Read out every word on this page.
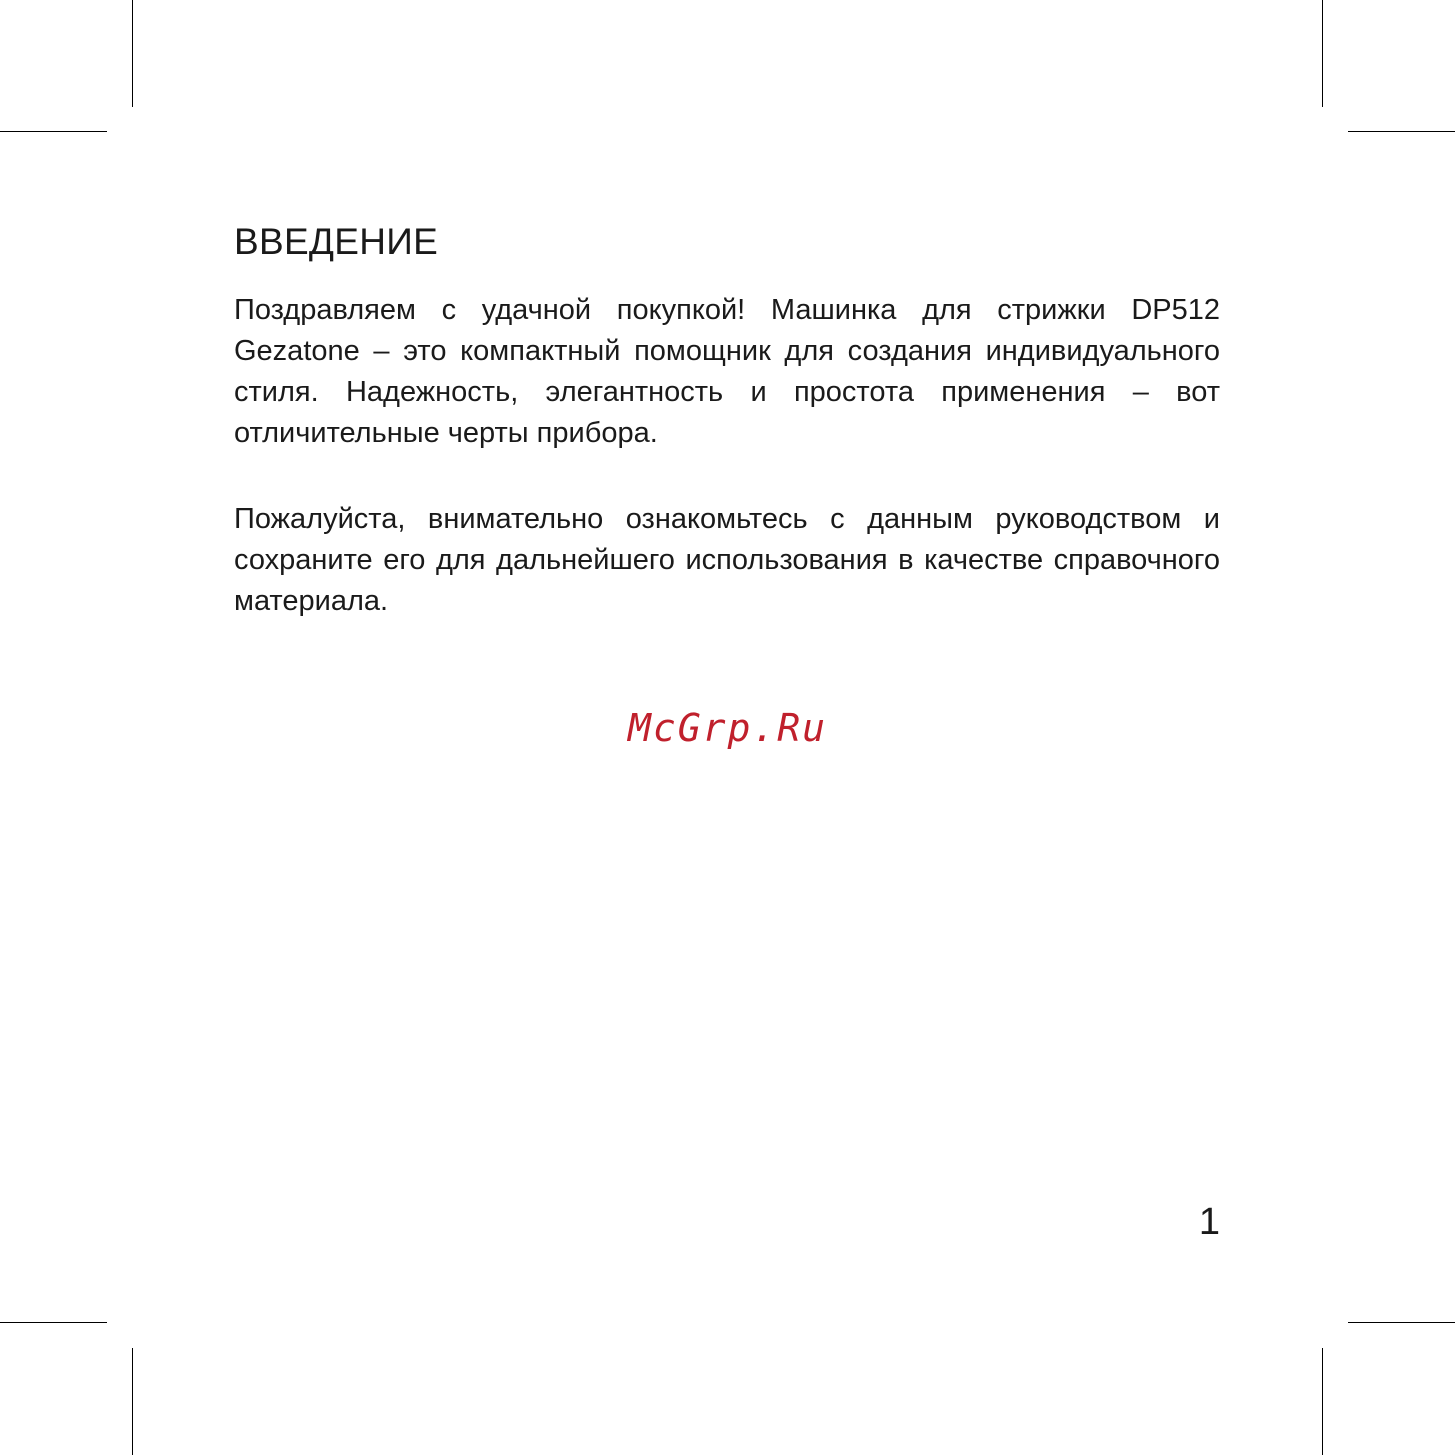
ВВЕДЕНИЕ

Поздравляем с удачной покупкой! Машинка для стрижки DP512 Gezatone – это компактный помощник для создания индивидуального стиля. Надежность, элегантность и простота применения – вот отличительные черты прибора.

Пожалуйста, внимательно ознакомьтесь с данным руководством и сохраните его для дальнейшего использования в качестве справочного материала.

McGrp.Ru
1
